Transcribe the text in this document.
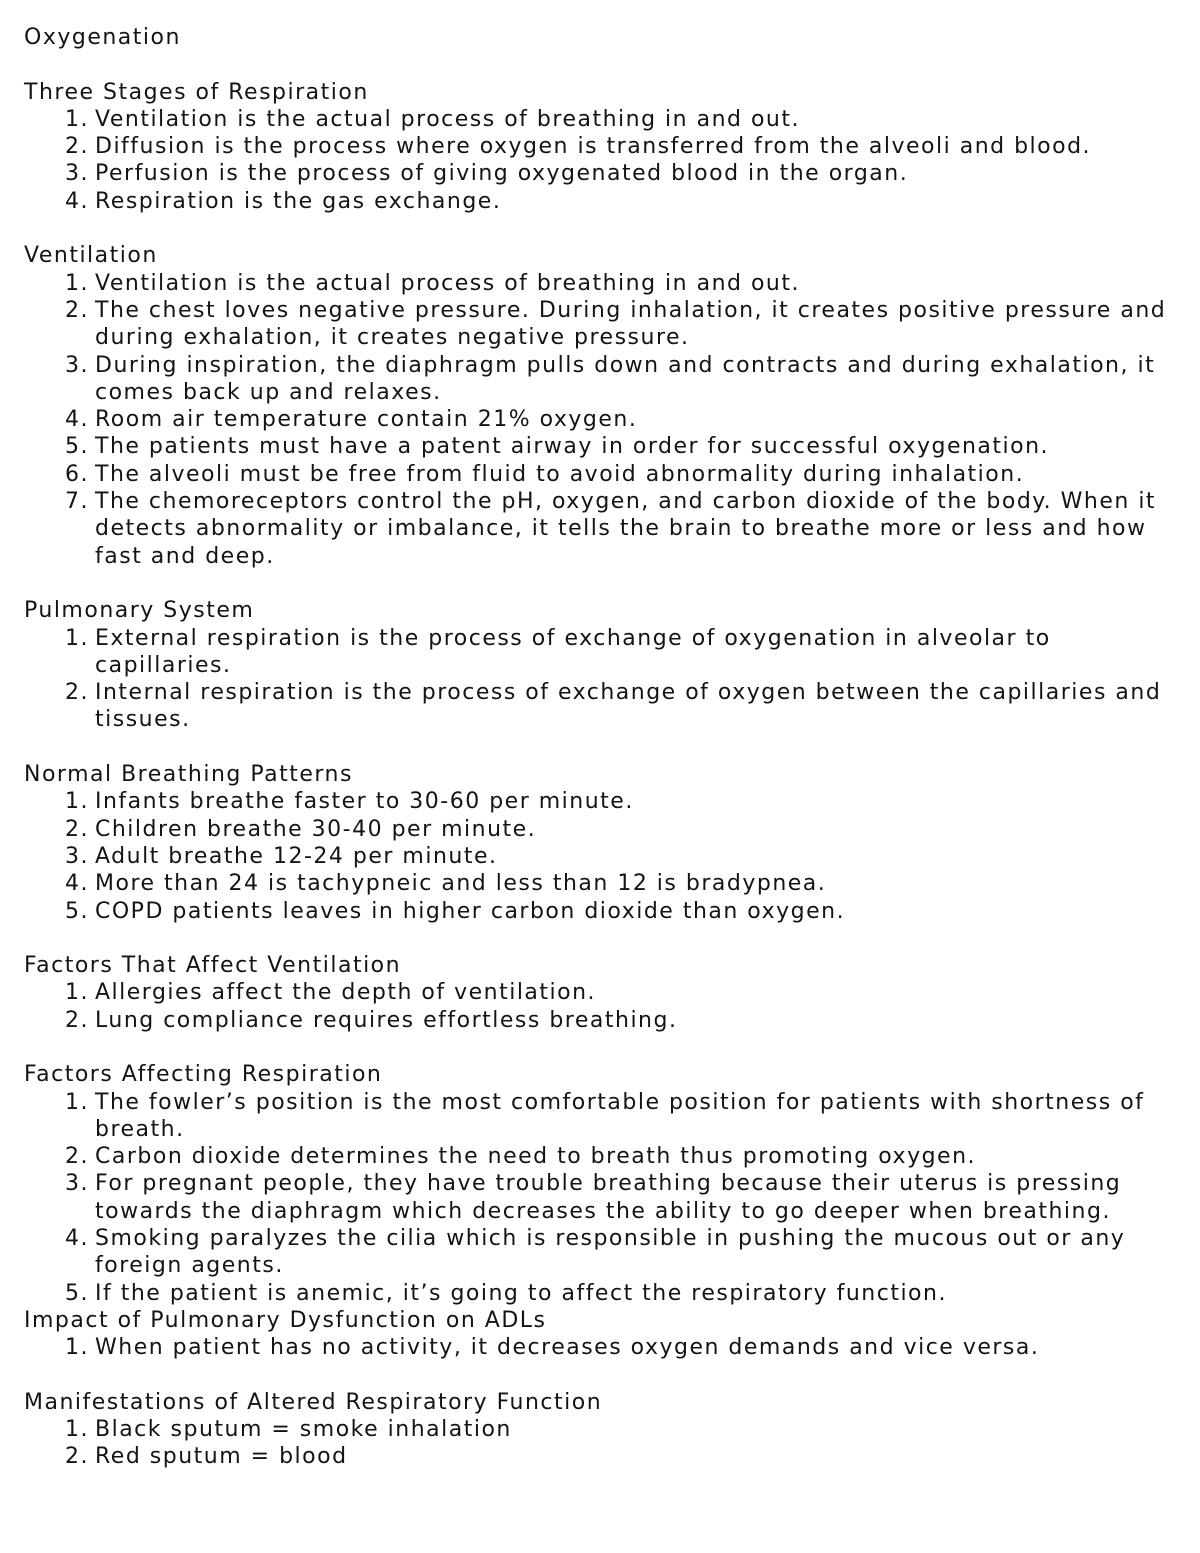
Oxygenation
Three Stages of Respiration
1. Ventilation is the actual process of breathing in and out.
2. Diffusion is the process where oxygen is transferred from the alveoli and blood.
3. Perfusion is the process of giving oxygenated blood in the organ.
4. Respiration is the gas exchange.
Ventilation
1. Ventilation is the actual process of breathing in and out.
2. The chest loves negative pressure. During inhalation, it creates positive pressure and during exhalation, it creates negative pressure.
3. During inspiration, the diaphragm pulls down and contracts and during exhalation, it comes back up and relaxes.
4. Room air temperature contain 21% oxygen.
5. The patients must have a patent airway in order for successful oxygenation.
6. The alveoli must be free from fluid to avoid abnormality during inhalation.
7. The chemoreceptors control the pH, oxygen, and carbon dioxide of the body. When it detects abnormality or imbalance, it tells the brain to breathe more or less and how fast and deep.
Pulmonary System
1. External respiration is the process of exchange of oxygenation in alveolar to capillaries.
2. Internal respiration is the process of exchange of oxygen between the capillaries and tissues.
Normal Breathing Patterns
1. Infants breathe faster to 30-60 per minute.
2. Children breathe 30-40 per minute.
3. Adult breathe 12-24 per minute.
4. More than 24 is tachypneic and less than 12 is bradypnea.
5. COPD patients leaves in higher carbon dioxide than oxygen.
Factors That Affect Ventilation
1. Allergies affect the depth of ventilation.
2. Lung compliance requires effortless breathing.
Factors Affecting Respiration
1. The fowler’s position is the most comfortable position for patients with shortness of breath.
2. Carbon dioxide determines the need to breath thus promoting oxygen.
3. For pregnant people, they have trouble breathing because their uterus is pressing towards the diaphragm which decreases the ability to go deeper when breathing.
4. Smoking paralyzes the cilia which is responsible in pushing the mucous out or any foreign agents.
5. If the patient is anemic, it’s going to affect the respiratory function.
Impact of Pulmonary Dysfunction on ADLs
1. When patient has no activity, it decreases oxygen demands and vice versa.
Manifestations of Altered Respiratory Function
1. Black sputum = smoke inhalation
2. Red sputum = blood
